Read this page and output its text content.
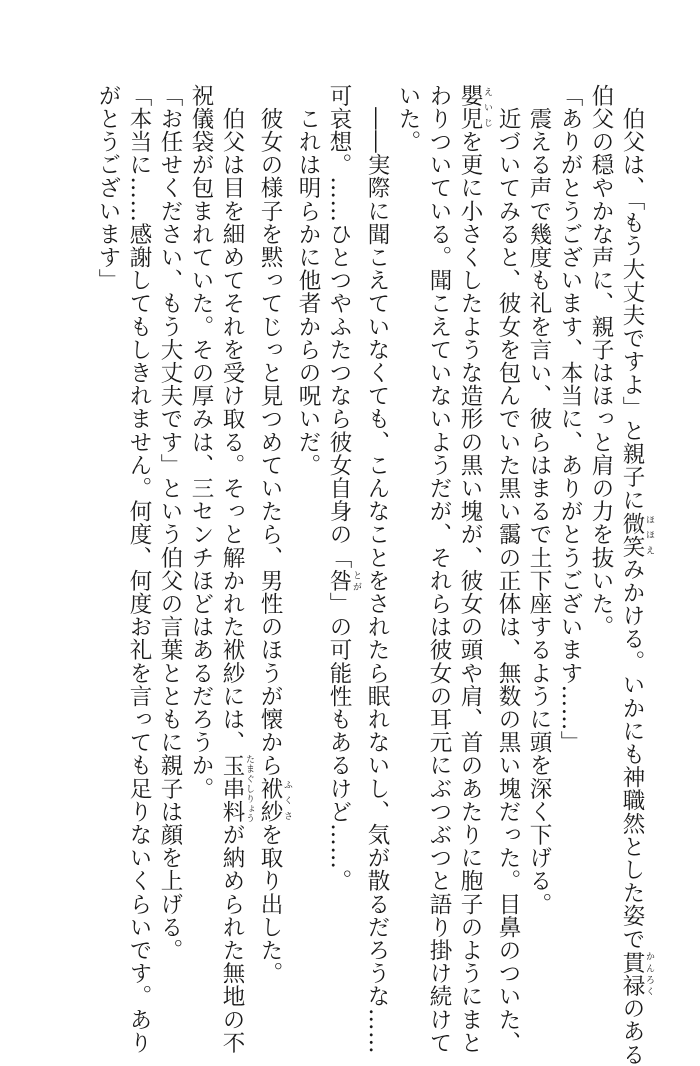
　伯父は、「もう大丈夫ですよ」と親子に微笑 ほほえみかける。いかにも神職然とした姿で貫禄 かんろくのある
伯父の穏やかな声に、親子はほっと肩の力を抜いた。
「ありがとうございます、本当に、ありがとうございます……」
　震える声で幾度も礼を言い、彼らはまるで土下座するように頭を深く下げる。
　近づいてみると、彼女を包んでいた黒い靄の正体は、無数の黒い塊だった。目鼻のついた、
嬰児 えいじを更に小さくしたような造形の黒い塊が、彼女の頭や肩、首のあたりに胞子のようにまと
わりついている。聞こえていないようだが、それらは彼女の耳元にぶつぶつと語り掛け続けて
いた。
　――実際に聞こえていなくても、こんなことをされたら眠れないし、気が散るだろうな……
可哀想。……ひとつやふたつなら彼女自身の「咎 とが」の可能性もあるけど……。
　これは明らかに他者からの呪いだ。
　彼女の様子を黙ってじっと見つめていたら、男性のほうが懐から袱紗 ふくさを取り出した。
　伯父は目を細めてそれを受け取る。そっと解かれた袱紗には、玉串料 たまぐしりょうが納められた無地の不
祝儀袋が包まれていた。その厚みは、三センチほどはあるだろうか。
「お任せください、もう大丈夫です」という伯父の言葉とともに親子は顔を上げる。
「本当に……感謝してもしきれません。何度、何度お礼を言っても足りないくらいです。あり
がとうございます」
